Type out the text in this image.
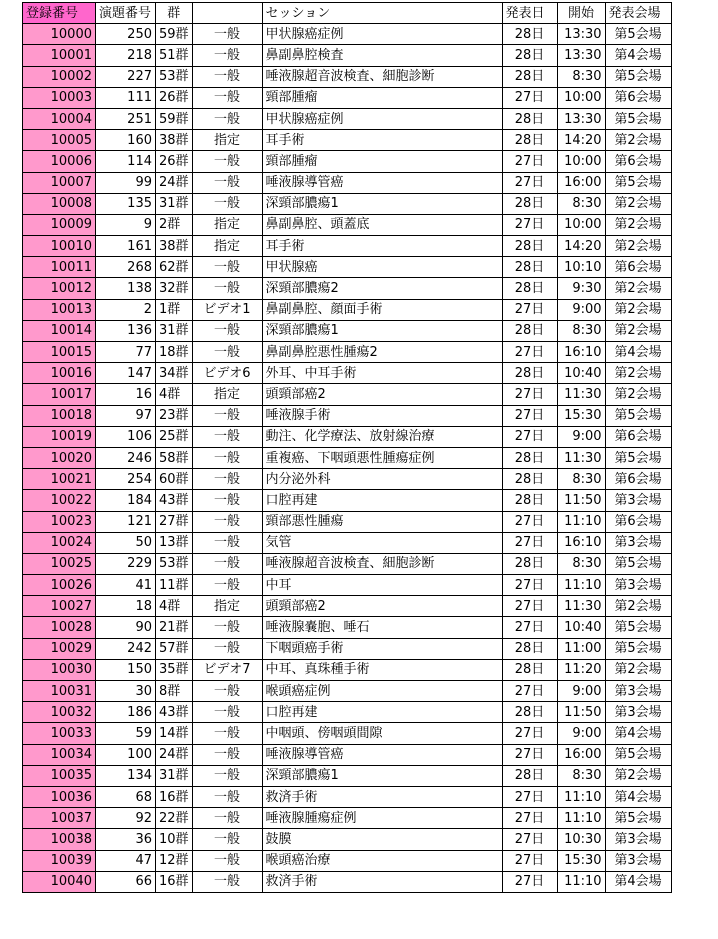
登録番号	演題番号	群		セッション	発表日	開始	発表会場
10000	250	59群	一般	甲状腺癌症例	28日	13:30	第5会場
10001	218	51群	一般	鼻副鼻腔検査	28日	13:30	第4会場
10002	227	53群	一般	唾液腺超音波検査、細胞診断	28日	8:30	第5会場
10003	111	26群	一般	頸部腫瘤	27日	10:00	第6会場
10004	251	59群	一般	甲状腺癌症例	28日	13:30	第5会場
10005	160	38群	指定	耳手術	28日	14:20	第2会場
10006	114	26群	一般	頸部腫瘤	27日	10:00	第6会場
10007	99	24群	一般	唾液腺導管癌	27日	16:00	第5会場
10008	135	31群	一般	深頸部膿瘍1	28日	8:30	第2会場
10009	9	2群	指定	鼻副鼻腔、頭蓋底	27日	10:00	第2会場
10010	161	38群	指定	耳手術	28日	14:20	第2会場
10011	268	62群	一般	甲状腺癌	28日	10:10	第6会場
10012	138	32群	一般	深頸部膿瘍2	28日	9:30	第2会場
10013	2	1群	ビデオ1	鼻副鼻腔、顔面手術	27日	9:00	第2会場
10014	136	31群	一般	深頸部膿瘍1	28日	8:30	第2会場
10015	77	18群	一般	鼻副鼻腔悪性腫瘍2	27日	16:10	第4会場
10016	147	34群	ビデオ6	外耳、中耳手術	28日	10:40	第2会場
10017	16	4群	指定	頭頸部癌2	27日	11:30	第2会場
10018	97	23群	一般	唾液腺手術	27日	15:30	第5会場
10019	106	25群	一般	動注、化学療法、放射線治療	27日	9:00	第6会場
10020	246	58群	一般	重複癌、下咽頭悪性腫瘍症例	28日	11:30	第5会場
10021	254	60群	一般	内分泌外科	28日	8:30	第6会場
10022	184	43群	一般	口腔再建	28日	11:50	第3会場
10023	121	27群	一般	頸部悪性腫瘍	27日	11:10	第6会場
10024	50	13群	一般	気管	27日	16:10	第3会場
10025	229	53群	一般	唾液腺超音波検査、細胞診断	28日	8:30	第5会場
10026	41	11群	一般	中耳	27日	11:10	第3会場
10027	18	4群	指定	頭頸部癌2	27日	11:30	第2会場
10028	90	21群	一般	唾液腺嚢胞、唾石	27日	10:40	第5会場
10029	242	57群	一般	下咽頭癌手術	28日	11:00	第5会場
10030	150	35群	ビデオ7	中耳、真珠種手術	28日	11:20	第2会場
10031	30	8群	一般	喉頭癌症例	27日	9:00	第3会場
10032	186	43群	一般	口腔再建	28日	11:50	第3会場
10033	59	14群	一般	中咽頭、傍咽頭間隙	27日	9:00	第4会場
10034	100	24群	一般	唾液腺導管癌	27日	16:00	第5会場
10035	134	31群	一般	深頸部膿瘍1	28日	8:30	第2会場
10036	68	16群	一般	救済手術	27日	11:10	第4会場
10037	92	22群	一般	唾液腺腫瘍症例	27日	11:10	第5会場
10038	36	10群	一般	鼓膜	27日	10:30	第3会場
10039	47	12群	一般	喉頭癌治療	27日	15:30	第3会場
10040	66	16群	一般	救済手術	27日	11:10	第4会場
